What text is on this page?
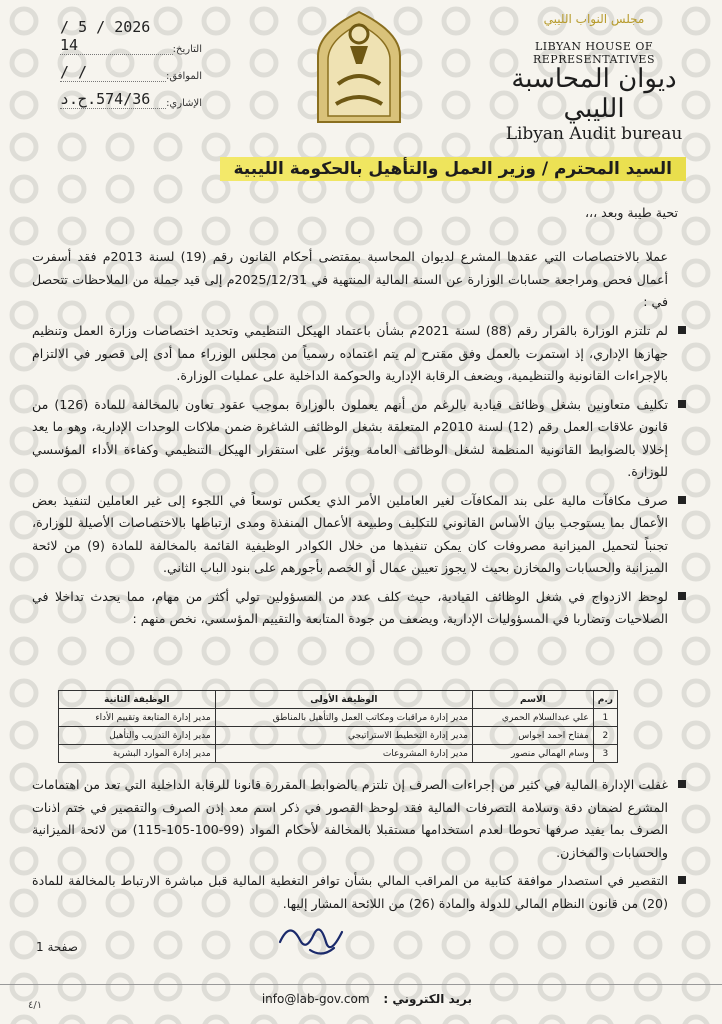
التاريخ:
2026 / 5 / 14
الموافق:
/ /
الإشاري:
574/36.ح.د
مجلس النواب الليبي
LIBYAN HOUSE OF REPRESENTATIVES
ديوان المحاسبة الليبي
Libyan Audit bureau
السيد المحترم / وزير العمل والتأهيل بالحكومة الليبية
تحية طيبة وبعد ،،،

عملا بالاختصاصات التي عقدها المشرع لديوان المحاسبة بمقتضى أحكام القانون رقم (19) لسنة 2013م فقد أسفرت أعمال فحص ومراجعة حسابات الوزارة عن السنة المالية المنتهية في 2025/12/31م إلى قيد جملة من الملاحظات تتحصل في :

لم تلتزم الوزارة بالقرار رقم (88) لسنة 2021م بشأن باعتماد الهيكل التنظيمي وتحديد اختصاصات وزارة العمل وتنظيم جهازها الإداري، إذ استمرت بالعمل وفق مقترح لم يتم اعتماده رسمياً من مجلس الوزراء مما أدى إلى قصور في الالتزام بالإجراءات القانونية والتنظيمية، ويضعف الرقابة الإدارية والحوكمة الداخلية على عمليات الوزارة.

تكليف متعاونين بشغل وظائف قيادية بالرغم من أنهم يعملون بالوزارة بموجب عقود تعاون بالمخالفة للمادة (126) من قانون علاقات العمل رقم (12) لسنة 2010م المتعلقة بشغل الوظائف الشاغرة ضمن ملاكات الوحدات الإدارية، وهو ما يعد إخلالا بالضوابط القانونية المنظمة لشغل الوظائف العامة ويؤثر على استقرار الهيكل التنظيمي وكفاءة الأداء المؤسسي للوزارة.

صرف مكافآت مالية على بند المكافآت لغير العاملين الأمر الذي يعكس توسعاً في اللجوء إلى غير العاملين لتنفيذ بعض الأعمال بما يستوجب بيان الأساس القانوني للتكليف وطبيعة الأعمال المنفذة ومدى ارتباطها بالاختصاصات الأصيلة للوزارة، تجنباً لتحميل الميزانية مصروفات كان يمكن تنفيذها من خلال الكوادر الوظيفية القائمة بالمخالفة للمادة (9) من لائحة الميزانية والحسابات والمخازن بحيث لا يجوز تعيين عمال أو الخصم بأجورهم على بنود الباب الثاني.

لوحظ الازدواج في شغل الوظائف القيادية، حيث كلف عدد من المسؤولين تولي أكثر من مهام، مما يحدث تداخلا في الصلاحيات وتضاربا في المسؤوليات الإدارية، ويضعف من جودة المتابعة والتقييم المؤسسي، نخص منهم :

ر.م	الاسم	الوظيفة الأولى	الوظيفة الثانية
1	علي عبدالسلام الحمري	مدير إدارة مراقبات ومكاتب العمل والتأهيل بالمناطق	مدير إدارة المتابعة وتقييم الأداء
2	مفتاح احمد احواس	مدير إدارة التخطيط الاستراتيجي	مدير إدارة التدريب والتأهيل
3	وسام الهمالي منصور	مدير إدارة المشروعات	مدير إدارة الموارد البشرية

غفلت الإدارة المالية في كثير من إجراءات الصرف إن تلتزم بالضوابط المقررة قانونا للرقابة الداخلية التي تعد من اهتمامات المشرع لضمان دقة وسلامة التصرفات المالية فقد لوحظ القصور في ذكر اسم معد إذن الصرف والتقصير في ختم اذنات الصرف بما يفيد صرفها تحوطا لعدم استخدامها مستقبلا بالمخالفة لأحكام المواد (99-100-105-115) من لائحة الميزانية والحسابات والمخازن.

التقصير في استصدار موافقة كتابية من المراقب المالي بشأن توافر التغطية المالية قبل مباشرة الارتباط بالمخالفة للمادة (20) من قانون النظام المالي للدولة والمادة (26) من اللائحة المشار إليها.

صفحة 1
بريد الكتروني : info@lab-gov.com
٤/١
